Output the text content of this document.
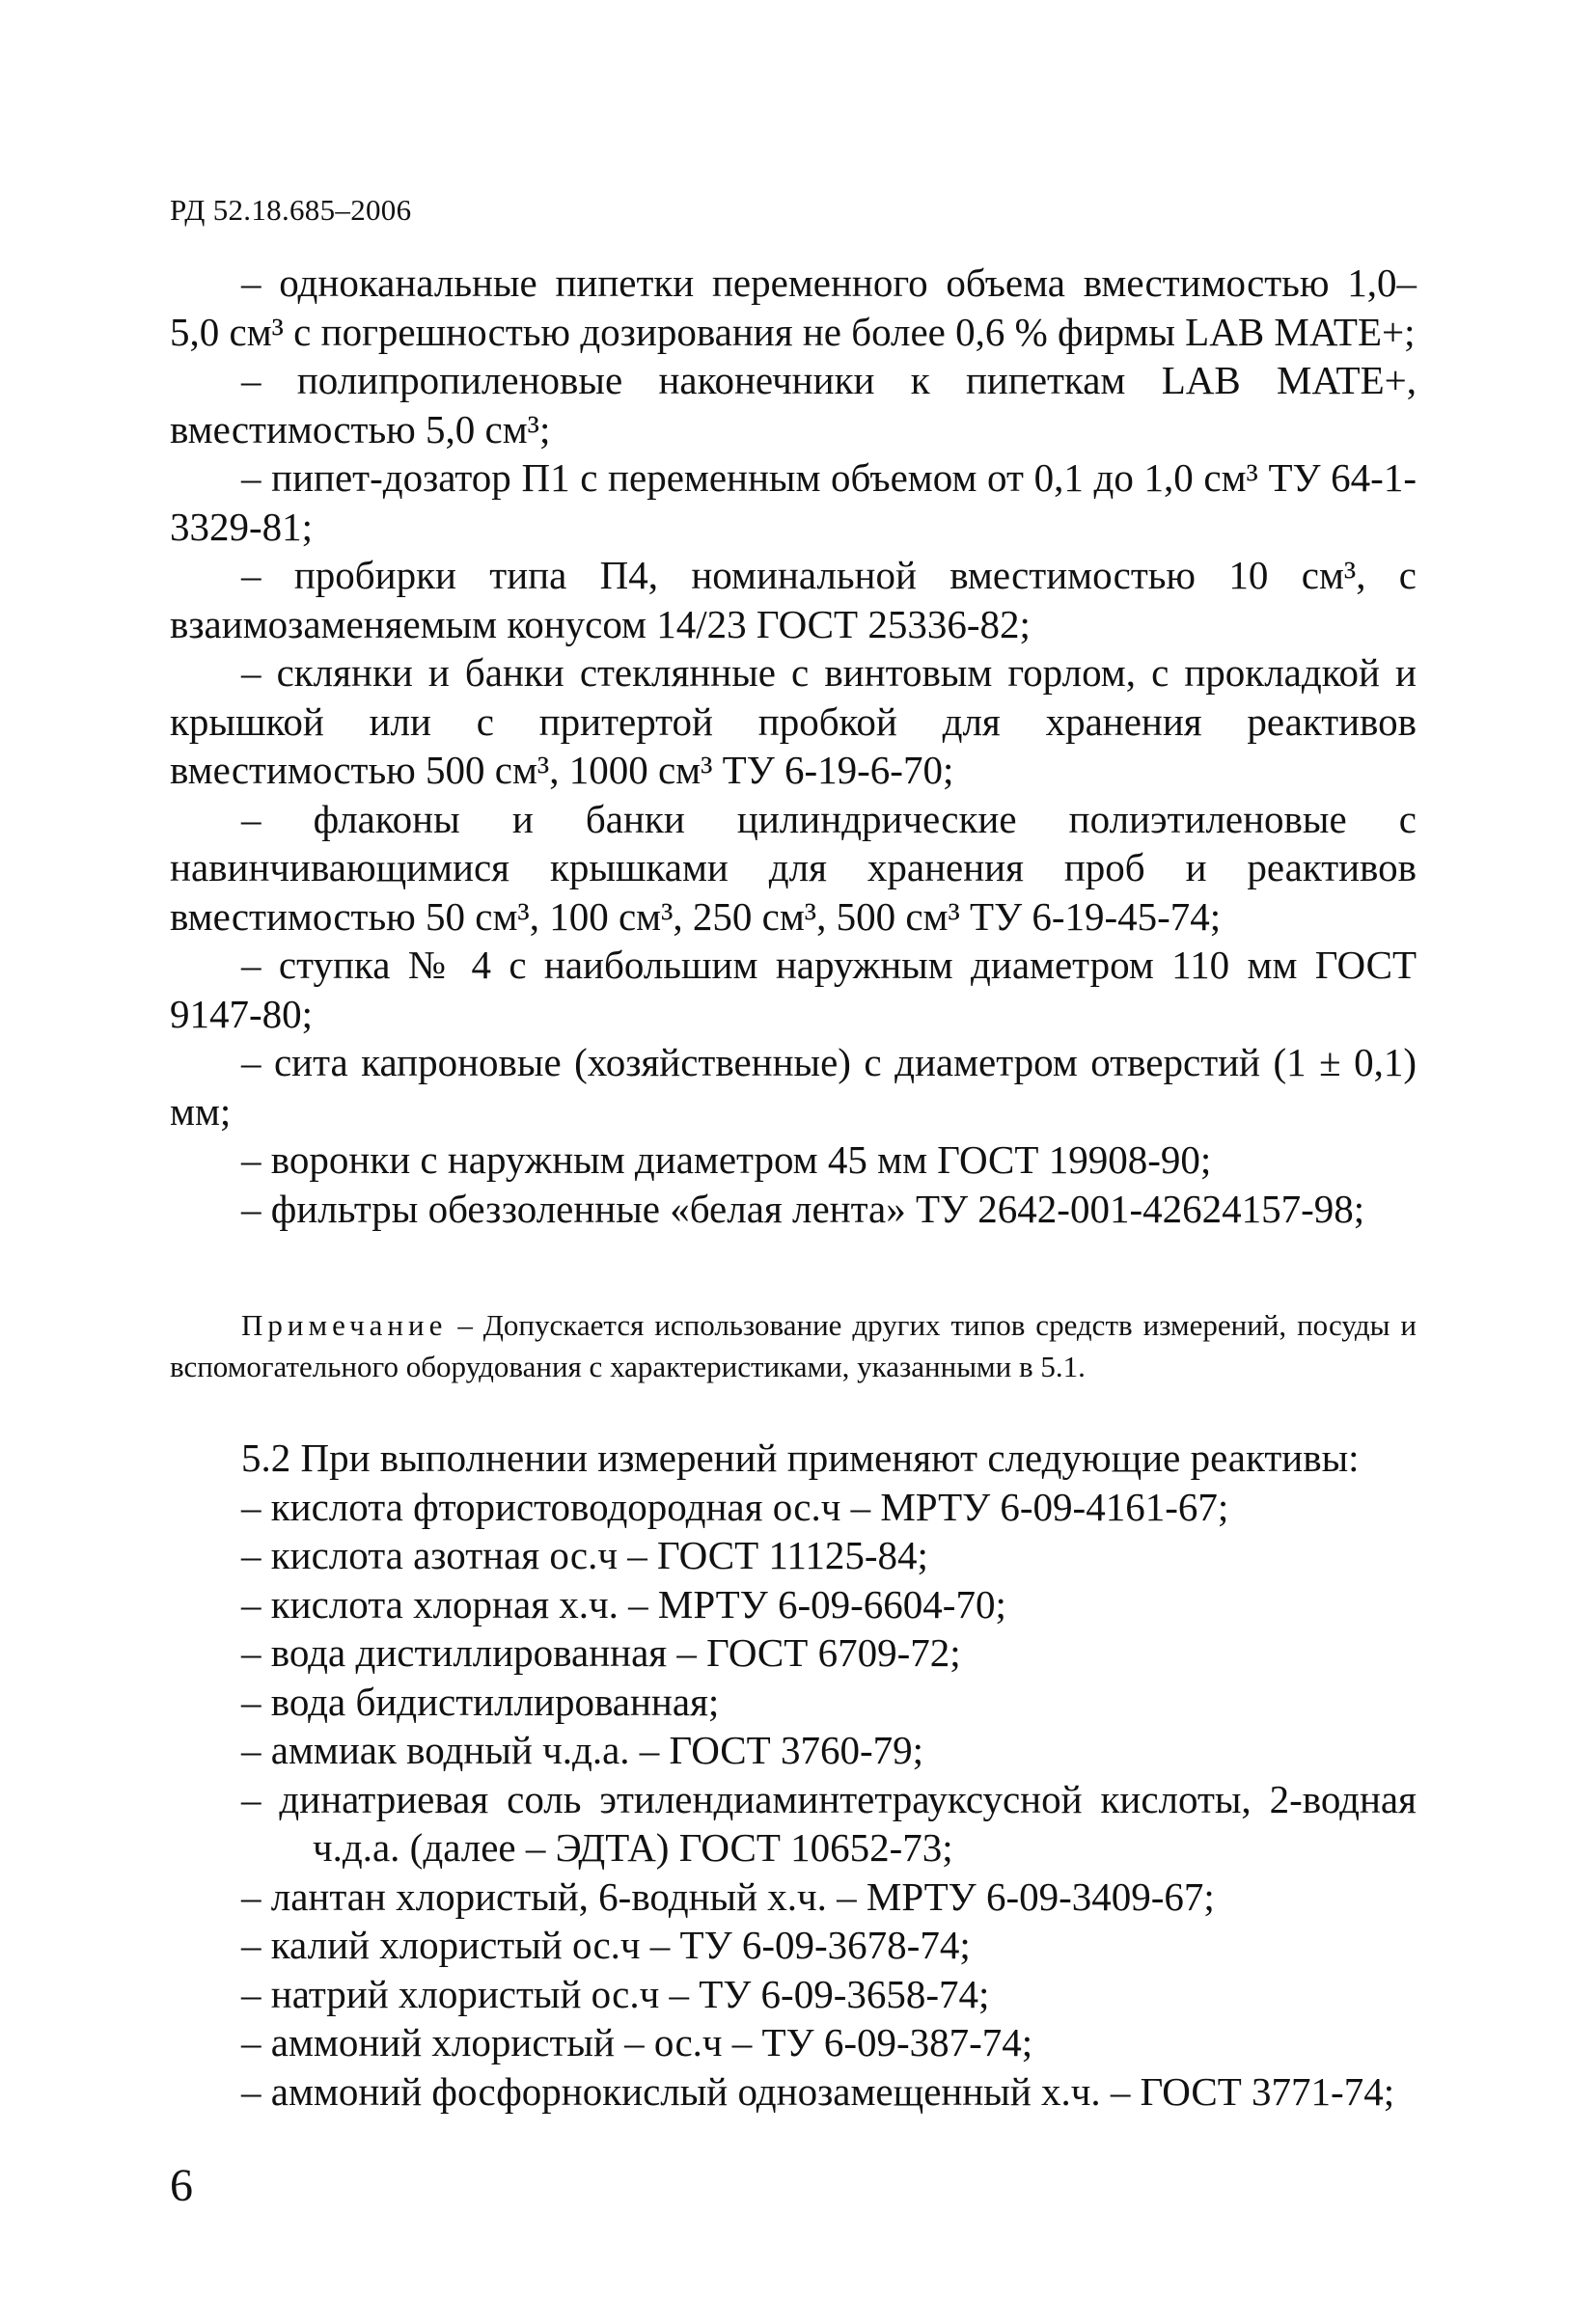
РД 52.18.685–2006

– одноканальные пипетки переменного объема вместимостью 1,0–5,0 см³ с погрешностью дозирования не более 0,6 % фирмы LAB MATE+;

– полипропиленовые наконечники к пипеткам LAB MATE+, вместимостью 5,0 см³;

– пипет-дозатор П1 с переменным объемом от 0,1 до 1,0 см³ ТУ 64-1-3329-81;

– пробирки типа П4, номинальной вместимостью 10 см³, с взаимозаменяемым конусом 14/23 ГОСТ 25336-82;

– склянки и банки стеклянные с винтовым горлом, с прокладкой и крышкой или с притертой пробкой для хранения реактивов вместимостью 500 см³, 1000 см³ ТУ 6-19-6-70;

– флаконы и банки цилиндрические полиэтиленовые с навинчивающимися крышками для хранения проб и реактивов вместимостью 50 см³, 100 см³, 250 см³, 500 см³ ТУ 6-19-45-74;

– ступка № 4 с наибольшим наружным диаметром 110 мм ГОСТ 9147-80;

– сита капроновые (хозяйственные) с диаметром отверстий (1 ± 0,1) мм;

– воронки с наружным диаметром 45 мм ГОСТ 19908-90;

– фильтры обеззоленные «белая лента» ТУ 2642-001-42624157-98;

Примечание – Допускается использование других типов средств измерений, посуды и вспомогательного оборудования с характеристиками, указанными в 5.1.

5.2 При выполнении измерений применяют следующие реактивы:

– кислота фтористоводородная ос.ч – МРТУ 6-09-4161-67;

– кислота азотная ос.ч – ГОСТ 11125-84;

– кислота хлорная х.ч. – МРТУ 6-09-6604-70;

– вода дистиллированная – ГОСТ 6709-72;

– вода бидистиллированная;

– аммиак водный ч.д.а. – ГОСТ 3760-79;

– динатриевая соль этилендиаминтетрауксусной кислоты, 2-водная ч.д.а. (далее – ЭДТА) ГОСТ 10652-73;

– лантан хлористый, 6-водный х.ч. – МРТУ 6-09-3409-67;

– калий хлористый ос.ч – ТУ 6-09-3678-74;

– натрий хлористый ос.ч – ТУ 6-09-3658-74;

– аммоний хлористый – ос.ч – ТУ 6-09-387-74;

– аммоний фосфорнокислый однозамещенный х.ч. – ГОСТ 3771-74;

6
